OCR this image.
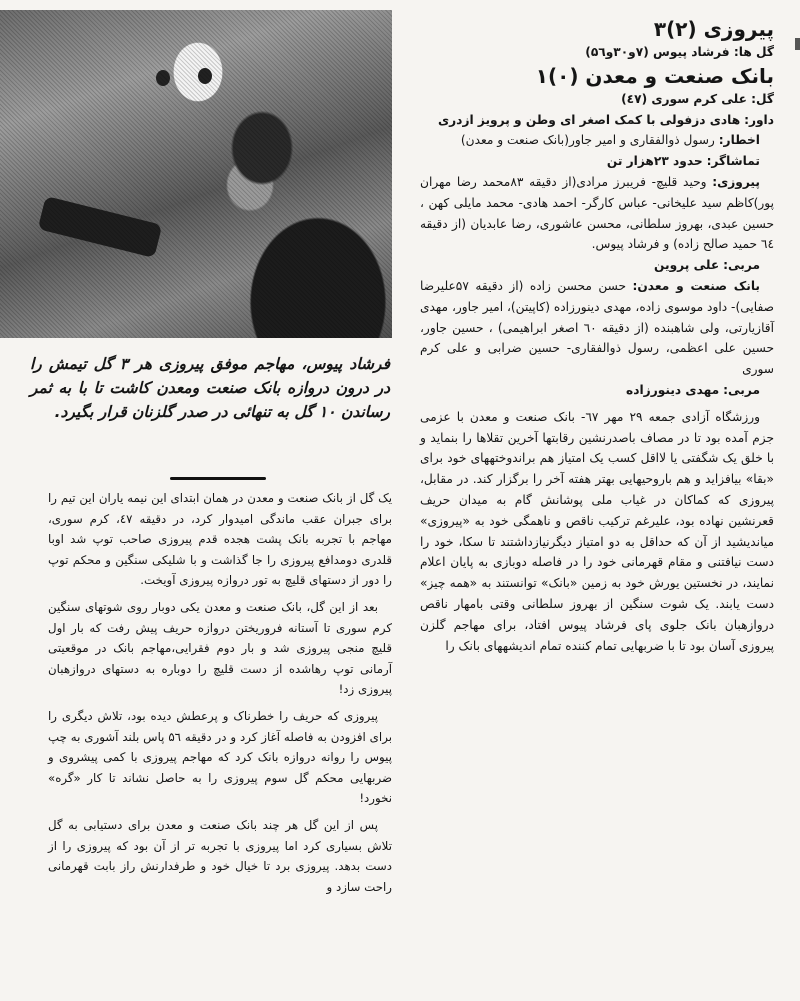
فرشاد پیوس، مهاجم موفق پیروزی هر ۳ گل تیمش را در درون دروازه بانک صنعت ومعدن کاشت تا با به ثمر رساندن ۱۰ گل به تنهائی در صدر گلزنان قرار بگیرد.

یک گل از بانک صنعت و معدن در همان ابتدای این نیمه یاران این تیم را برای جبران عقب ماندگی امیدوار کرد، در دقیقه ٤٧، کرم سوری، مهاجم با تجربه بانک پشت هجده قدم پیروزی صاحب توپ شد اوبا قلدری دومدافع پیروزی را جا گذاشت و با شلیکی سنگین و محکم توپ را دور از دستهای قلیچ به تور دروازه پیروزی آویخت.

بعد از این گل، بانک صنعت و معدن یکی دوبار روی شوتهای سنگین کرم سوری تا آستانه فروریختن دروازه حریف پیش رفت که بار اول قلیچ منجی پیروزی شد و بار دوم فقرایی،مهاجم بانک در موقعیتی آرمانی توپ رهاشده از دست قلیچ را دوباره به دستهای دروازهبان پیروزی زد!

پیروزی که حریف را خطرناک و پرعطش دیده بود، تلاش دیگری را برای افزودن به فاصله آغاز کرد و در دقیقه ۵٦ پاس بلند آشوری به چپ پیوس را روانه دروازه بانک کرد که مهاجم پیروزی با کمی پیشروی و ضربهایی محکم گل سوم پیروزی را به حاصل نشاند تا کار «گره» نخورد!

پس از این گل هر چند بانک صنعت و معدن برای دستیابی به گل تلاش بسیاری کرد اما پیروزی با تجربه تر از آن بود که پیروزی را از دست بدهد. پیروزی برد تا خیال خود و طرفدارنش راز بابت قهرمانی راحت سازد و

پیروزی (۲)۳

گل ها: فرشاد پیوس (۷و۳۰و۵٦)

بانک صنعت و معدن (۰)۱

گل: علی کرم سوری (٤٧)

داور: هادی دزفولی با کمک اصغر ای وطن و پرویز ازدری

اخطار: رسول ذوالفقاری و امیر جاور(بانک صنعت و معدن)

تماشاگر: حدود ۲۳هزار تن

پیروزی: وحید قلیچ- فریبرز مرادی(از دقیقه ۸۳محمد رضا مهران پور)کاظم سید علیخانی- عباس کارگر- احمد هادی- محمد مایلی کهن ، حسین عبدی، بهروز سلطانی، محسن عاشوری، رضا عابدیان (از دقیقه ٦٤ حمید صالح زاده) و فرشاد پیوس.

مربی: علی پروین

بانک صنعت و معدن: حسن محسن زاده (از دقیقه ۵۷علیرضا صفایی)- داود موسوی زاده، مهدی دینورزاده (کاپیتن)، امیر جاور، مهدی آقازیارتی، ولی شاهبنده (از دقیقه ٦۰ اصغر ابراهیمی) ، حسین جاور، حسین علی اعظمی، رسول ذوالفقاری- حسین ضرابی و علی کرم سوری

مربی: مهدی دینورزاده

ورزشگاه آزادی جمعه ۲۹ مهر ٦۷- بانک صنعت و معدن با عزمی جزم آمده بود تا در مصاف باصدرنشین رقابتها آخرین تقلاها را بنماید و با خلق یک شگفتی یا لااقل کسب یک امتیاز هم براندوختههای خود برای «بقا» بیافزاید و هم باروحیهایی بهتر هفته آخر را برگزار کند. در مقابل، پیروزی که کماکان در غیاب ملی پوشانش گام به میدان حریف قعرنشین نهاده بود، علیرغم ترکیب ناقص و ناهمگی خود به «پیروزی» میاندیشید از آن که حداقل به دو امتیاز دیگرنیازداشتند تا سکا، خود را دست نیافتنی و مقام قهرمانی خود را در فاصله دوبازی به پایان اعلام نمایند، در نخستین یورش خود به زمین «بانک» توانستند به «همه چیز» دست یابند. یک شوت سنگین از بهروز سلطانی وقتی بامهار ناقص دروازهبان بانک جلوی پای فرشاد پیوس افتاد، برای مهاجم گلزن پیروزی آسان بود تا با ضربهایی تمام کننده تمام اندیشههای بانک را
